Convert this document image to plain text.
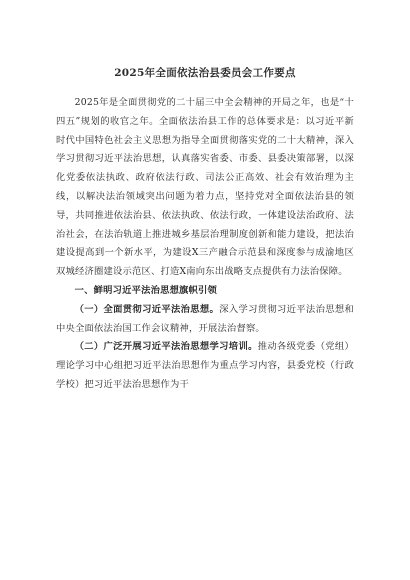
2025年全面依法治县委员会工作要点

2025年是全面贯彻党的二十届三中全会精神的开局之年，也是“十四五”规划的收官之年。全面依法治县工作的总体要求是：以习近平新时代中国特色社会主义思想为指导全面贯彻落实党的二十大精神，深入学习贯彻习近平法治思想，认真落实省委、市委、县委决策部署，以深化党委依法执政、政府依法行政、司法公正高效、社会有效治理为主线，以解决法治领域突出问题为着力点，坚持党对全面依法治县的领导，共同推进依法治县、依法执政、依法行政，一体建设法治政府、法治社会，在法治轨道上推进城乡基层治理制度创新和能力建设，把法治建设提高到一个新水平，为建设X三产融合示范县和深度参与成渝地区双城经济圈建设示范区、打造X南向东出战略支点提供有力法治保障。

一、鲜明习近平法治思想旗帜引领

（一）全面贯彻习近平法治思想。深入学习贯彻习近平法治思想和中央全面依法治国工作会议精神，开展法治督察。

（二）广泛开展习近平法治思想学习培训。推动各级党委（党组）理论学习中心组把习近平法治思想作为重点学习内容，县委党校（行政学校）把习近平法治思想作为干
